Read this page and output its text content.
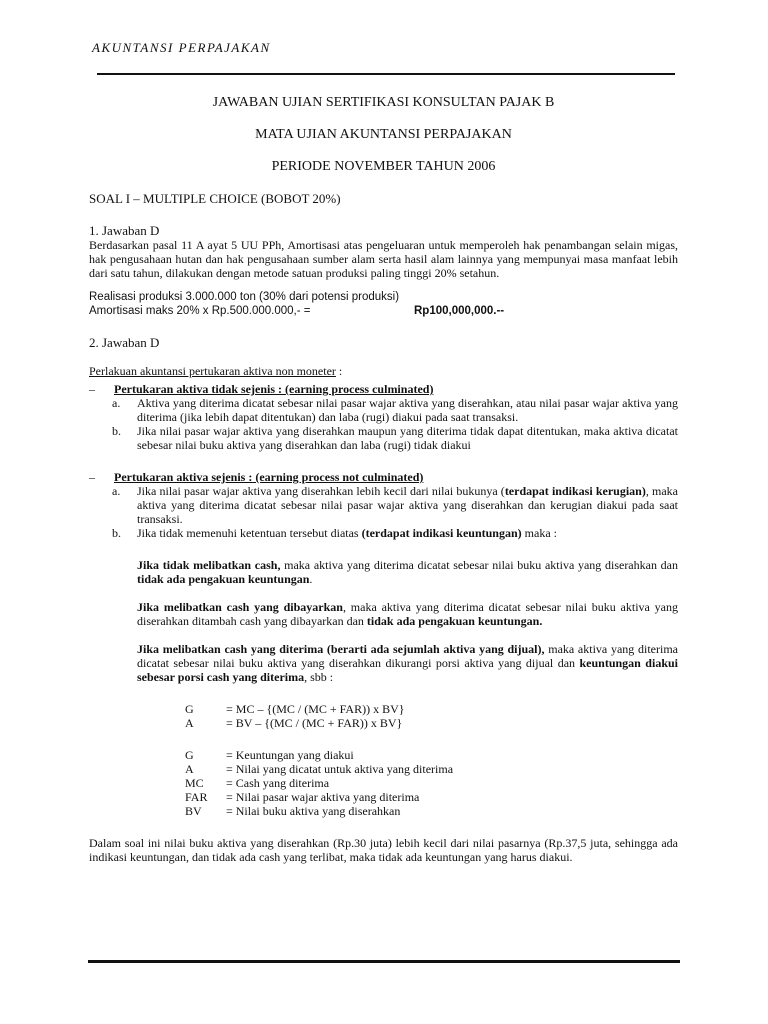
AKUNTANSI PERPAJAKAN

JAWABAN UJIAN SERTIFIKASI KONSULTAN PAJAK B

MATA UJIAN AKUNTANSI PERPAJAKAN

PERIODE NOVEMBER TAHUN 2006

SOAL I – MULTIPLE CHOICE (BOBOT 20%)
1. Jawaban D
Berdasarkan pasal 11 A ayat 5 UU PPh, Amortisasi atas pengeluaran untuk memperoleh hak penambangan selain migas, hak pengusahaan hutan dan hak pengusahaan sumber alam serta hasil alam lainnya yang mempunyai masa manfaat lebih dari satu tahun, dilakukan dengan metode satuan produksi paling tinggi 20% setahun.
Realisasi produksi 3.000.000 ton (30% dari potensi produksi)
Amortisasi maks 20% x Rp.500.000.000,- =	Rp100,000,000.--
2. Jawaban D
Perlakuan akuntansi pertukaran aktiva non moneter :
–	Pertukaran aktiva tidak sejenis : (earning process culminated)
a.	Aktiva yang diterima dicatat sebesar nilai pasar wajar aktiva yang diserahkan, atau nilai pasar wajar aktiva yang diterima (jika lebih dapat ditentukan) dan laba (rugi) diakui pada saat transaksi.
b.	Jika nilai pasar wajar aktiva yang diserahkan maupun yang diterima tidak dapat ditentukan, maka aktiva dicatat sebesar nilai buku aktiva yang diserahkan dan laba (rugi) tidak diakui
–	Pertukaran aktiva sejenis : (earning process not culminated)
a.	Jika nilai pasar wajar aktiva yang diserahkan lebih kecil dari nilai bukunya (terdapat indikasi kerugian), maka aktiva yang diterima dicatat sebesar nilai pasar wajar aktiva yang diserahkan dan kerugian diakui pada saat transaksi.
b.	Jika tidak memenuhi ketentuan tersebut diatas (terdapat indikasi keuntungan) maka :
Jika tidak melibatkan cash, maka aktiva yang diterima dicatat sebesar nilai buku aktiva yang diserahkan dan tidak ada pengakuan keuntungan.
Jika melibatkan cash yang dibayarkan, maka aktiva yang diterima dicatat sebesar nilai buku aktiva yang diserahkan ditambah cash yang dibayarkan dan tidak ada pengakuan keuntungan.
Jika melibatkan cash yang diterima (berarti ada sejumlah aktiva yang dijual), maka aktiva yang diterima dicatat sebesar nilai buku aktiva yang diserahkan dikurangi porsi aktiva yang dijual dan keuntungan diakui sebesar porsi cash yang diterima, sbb :
G	= MC – {(MC / (MC + FAR)) x BV}
A	= BV – {(MC / (MC + FAR)) x BV}
G	= Keuntungan yang diakui
A	= Nilai yang dicatat untuk aktiva yang diterima
MC	= Cash yang diterima
FAR	= Nilai pasar wajar aktiva yang diterima
BV	= Nilai buku aktiva yang diserahkan
Dalam soal ini nilai buku aktiva yang diserahkan (Rp.30 juta) lebih kecil dari nilai pasarnya (Rp.37,5 juta, sehingga ada indikasi keuntungan, dan tidak ada cash yang terlibat, maka tidak ada keuntungan yang harus diakui.
